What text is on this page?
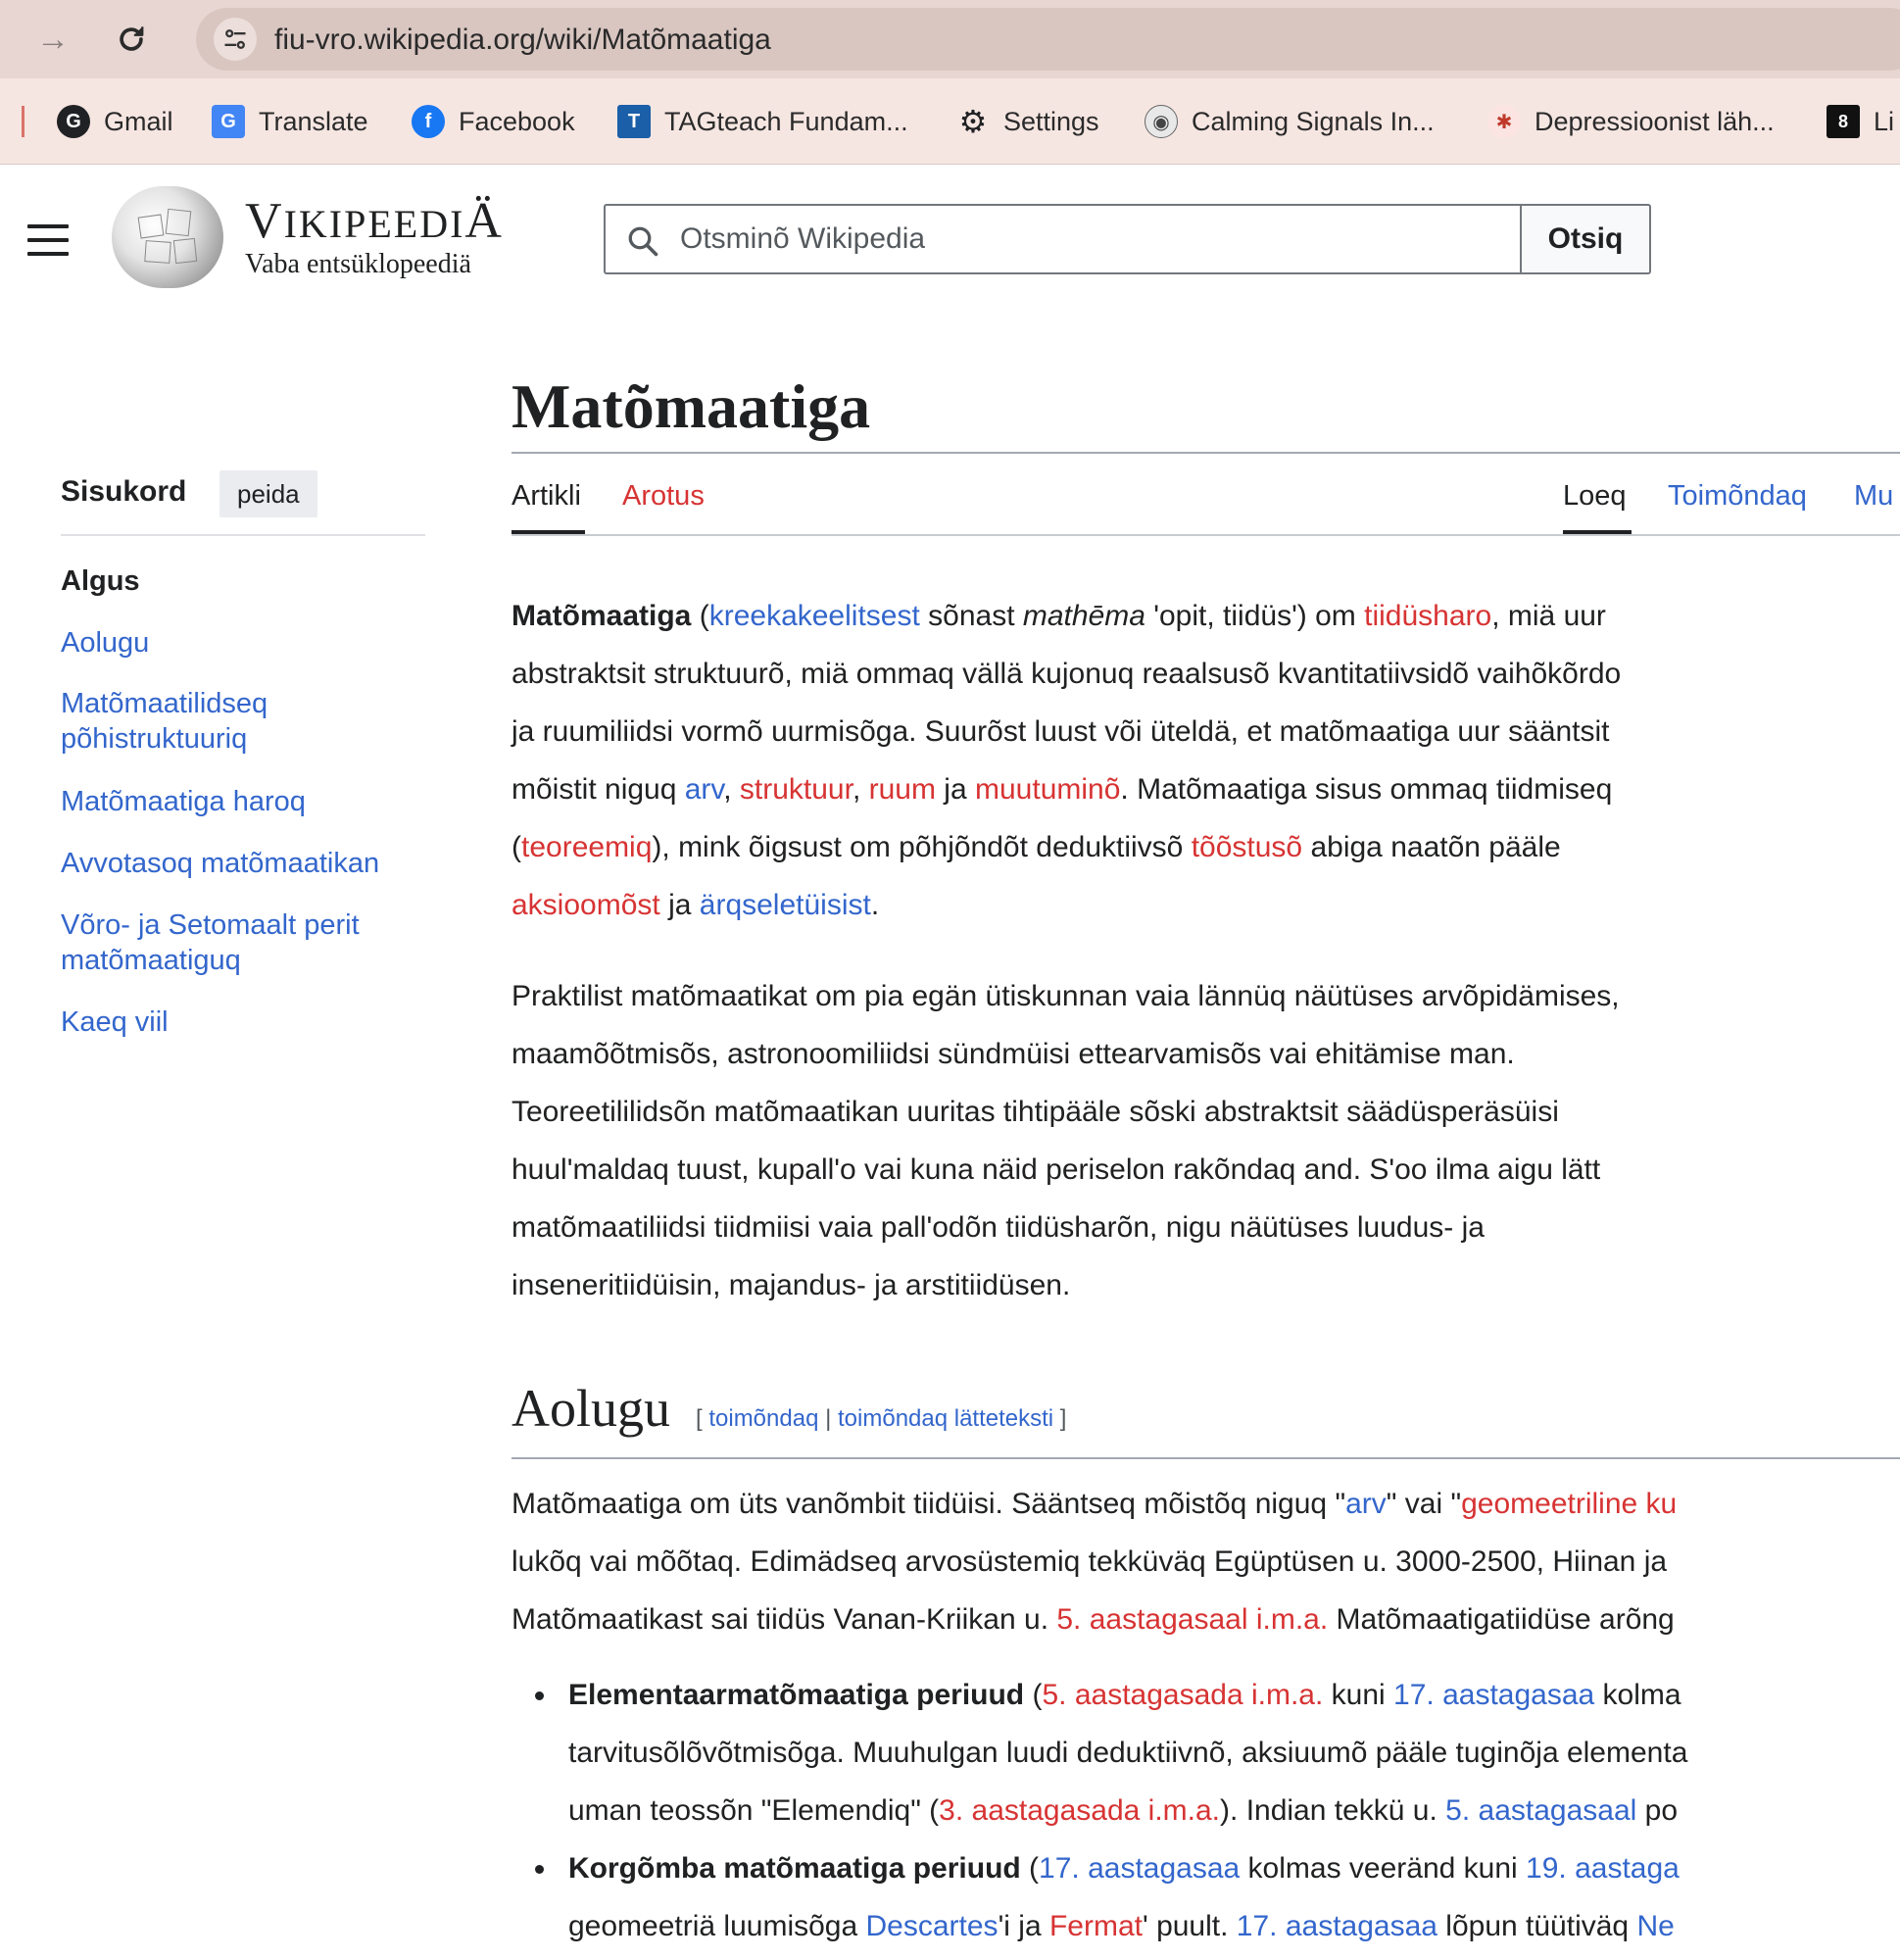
→	fiu-vro.wikipedia.org/wiki/Matõmaatiga
G Gmail	G Translate	f	Facebook	T TAGteach Fundam... ⚙ Settings	◉ Calming Signals In...	✱ Depressioonist läh...	8 Li
VIKIPEEDIÄ
Vaba entsüklopeediä
Otsminõ Wikipedia
Otsiq
Sisukord	peida
Algus
Aolugu
Matõmaatilidseq
põhistruktuuriq
Matõmaatiga haroq
Avvotasoq matõmaatikan
Võro- ja Setomaalt perit
matõmaatiguq
Kaeq viil
Matõmaatiga
Artikli Arotus	Loeq Toimõndaq Mu

Matõmaatiga (kreekakeelitsest sõnast mathēma 'opit, tiidüs') om tiidüsharo, miä uur

abstraktsit struktuurõ, miä ommaq vällä kujonuq reaalsusõ kvantitatiivsidõ vaihõkõrdo

ja ruumiliidsi vormõ uurmisõga. Suurõst luust või üteldä, et matõmaatiga uur sääntsit

mõistit niguq arv, struktuur, ruum ja muutuminõ. Matõmaatiga sisus ommaq tiidmiseq

(teoreemiq), mink õigsust om põhjõndõt deduktiivsõ tõõstusõ abiga naatõn pääle

aksioomõst ja ärqseletüisist.

Praktilist matõmaatikat om pia egän ütiskunnan vaia lännüq näütüses arvõpidämises,

maamõõtmisõs, astronoomiliidsi sündmüisi ettearvamisõs vai ehitämise man.

Teoreetililidsõn matõmaatikan uuritas tihtipääle sõski abstraktsit säädüsperäsüisi

huul'maldaq tuust, kupall'o vai kuna näid periselon rakõndaq and. S'oo ilma aigu lätt

matõmaatiliidsi tiidmiisi vaia pall'odõn tiidüsharõn, nigu näütüses luudus- ja

inseneritiidüisin, majandus- ja arstitiidüsen.

Aolugu [ toimõndaq | toimõndaq lätteteksti ]

Matõmaatiga om üts vanõmbit tiidüisi. Sääntseq mõistõq niguq "arv" vai "geomeetriline ku

lukõq vai mõõtaq. Edimädseq arvosüstemiq tekküväq Egüptüsen u. 3000-2500, Hiinan ja

Matõmaatikast sai tiidüs Vanan-Kriikan u. 5. aastagasaal i.m.a. Matõmaatigatiidüse arõng

Elementaarmatõmaatiga periuud (5. aastagasada i.m.a. kuni 17. aastagasaa kolma
tarvitusõlõvõtmisõga. Muuhulgan luudi deduktiivnõ, aksiuumõ pääle tuginõja elementa
uman teossõn "Elemendiq" (3. aastagasada i.m.a.). Indian tekkü u. 5. aastagasaal po
Korgõmba matõmaatiga periuud (17. aastagasaa kolmas veeränd kuni 19. aastaga
geomeetriä luumisõga Descartes'i ja Fermat' puult. 17. aastagasaa lõpun tüütiväq Ne
